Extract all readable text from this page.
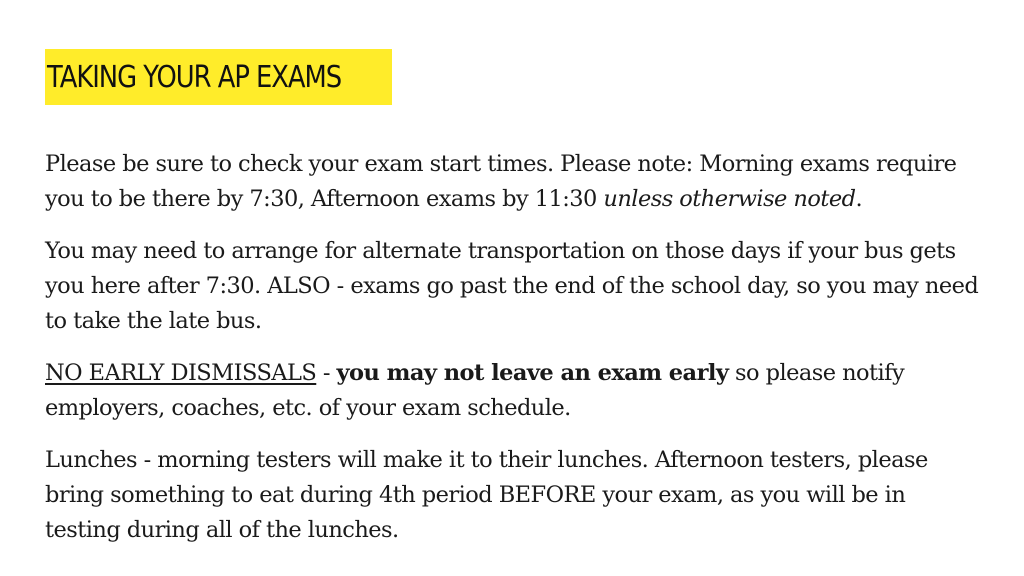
TAKING YOUR AP EXAMS

Please be sure to check your exam start times. Please note: Morning exams require you to be there by 7:30, Afternoon exams by 11:30 unless otherwise noted.

You may need to arrange for alternate transportation on those days if your bus gets you here after 7:30. ALSO - exams go past the end of the school day, so you may need to take the late bus.

NO EARLY DISMISSALS - you may not leave an exam early so please notify employers, coaches, etc. of your exam schedule.

Lunches - morning testers will make it to their lunches. Afternoon testers, please bring something to eat during 4th period BEFORE your exam, as you will be in testing during all of the lunches.
